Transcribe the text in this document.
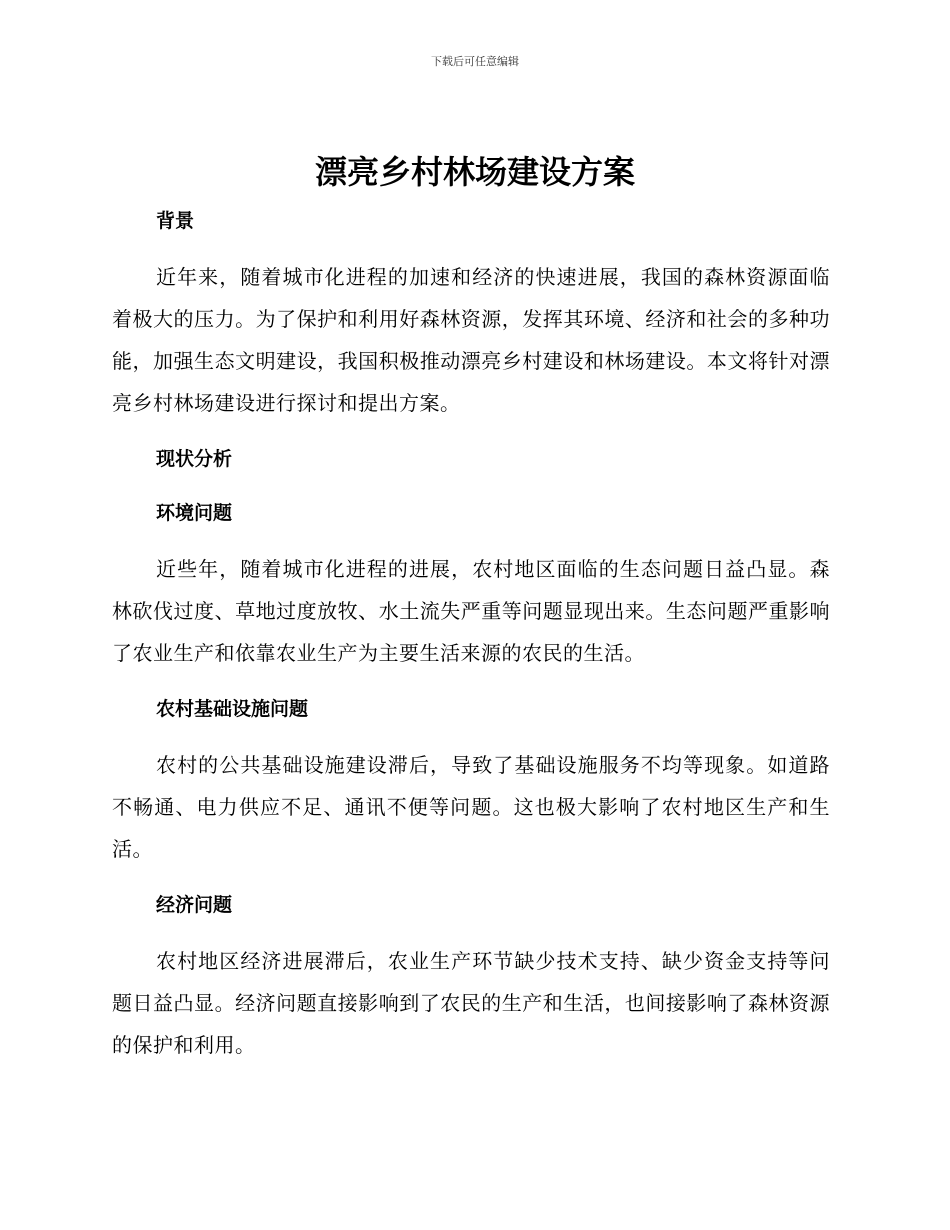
下载后可任意编辑
漂亮乡村林场建设方案
背景

近年来，随着城市化进程的加速和经济的快速进展，我国的森林资源面临着极大的压力。为了保护和利用好森林资源，发挥其环境、经济和社会的多种功能，加强生态文明建设，我国积极推动漂亮乡村建设和林场建设。本文将针对漂亮乡村林场建设进行探讨和提出方案。

现状分析
环境问题

近些年，随着城市化进程的进展，农村地区面临的生态问题日益凸显。森林砍伐过度、草地过度放牧、水土流失严重等问题显现出来。生态问题严重影响了农业生产和依靠农业生产为主要生活来源的农民的生活。

农村基础设施问题

农村的公共基础设施建设滞后，导致了基础设施服务不均等现象。如道路不畅通、电力供应不足、通讯不便等问题。这也极大影响了农村地区生产和生活。

经济问题

农村地区经济进展滞后，农业生产环节缺少技术支持、缺少资金支持等问题日益凸显。经济问题直接影响到了农民的生产和生活，也间接影响了森林资源的保护和利用。
